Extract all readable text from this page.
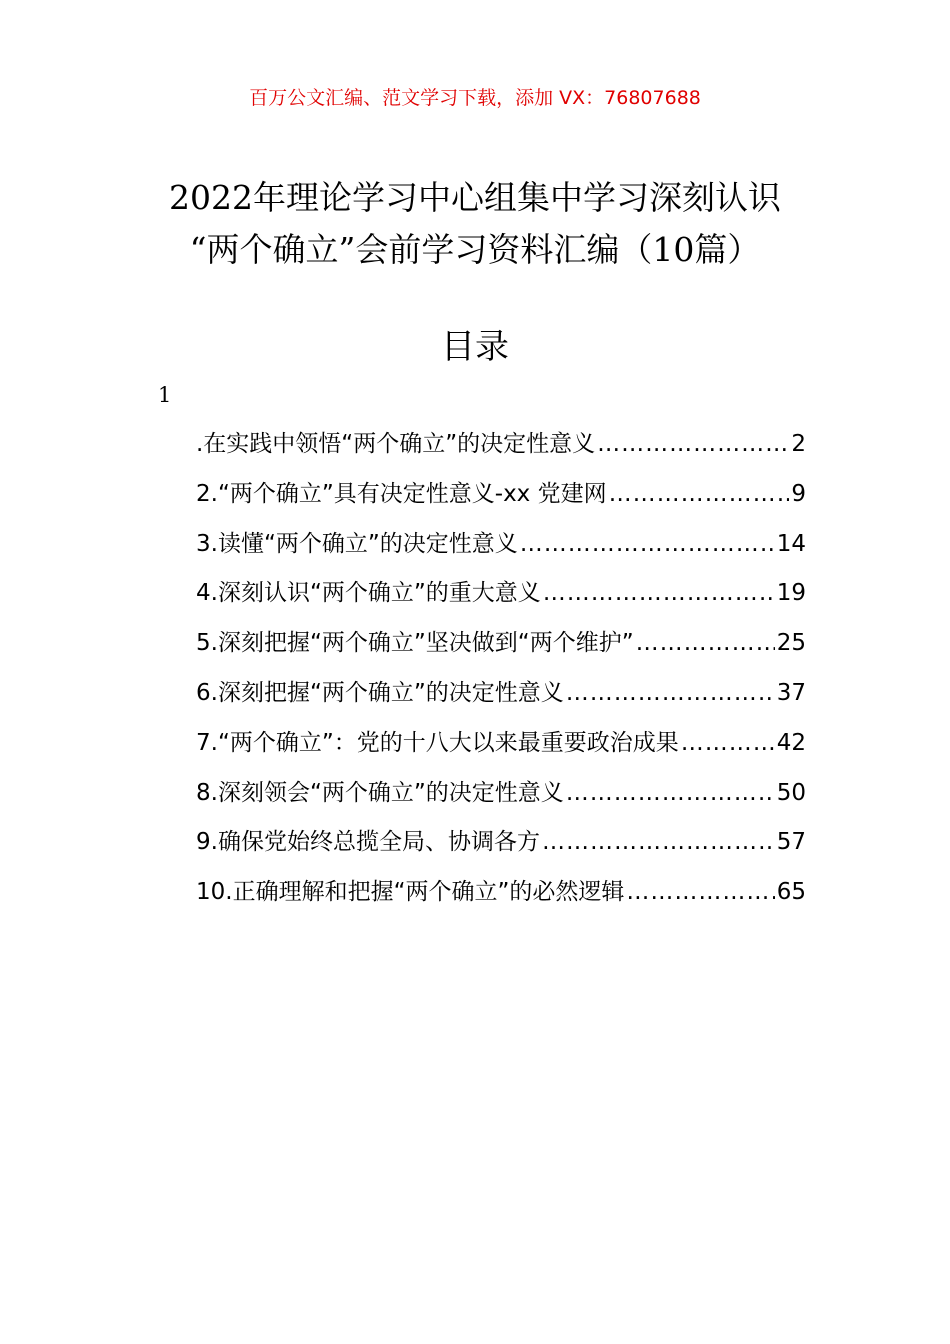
百万公文汇编、范文学习下载，添加 VX：76807688
2022年理论学习中心组集中学习深刻认识
“两个确立”会前学习资料汇编（10篇）
目录
1
.在实践中领悟“两个确立”的决定性意义 ……………………………………………………………………………………	2
2.“两个确立”具有决定性意义-xx 党建网 ……………………………………………………………………………………	9
3.读懂“两个确立”的决定性意义 ……………………………………………………………………………………	14
4.深刻认识“两个确立”的重大意义 ……………………………………………………………………………………	19
5.深刻把握“两个确立”坚决做到“两个维护” ……………………………………………………………………………………	25
6.深刻把握“两个确立”的决定性意义 ……………………………………………………………………………………	37
7.“两个确立”：党的十八大以来最重要政治成果 ……………………………………………………………………………………	42
8.深刻领会“两个确立”的决定性意义 ……………………………………………………………………………………	50
9.确保党始终总揽全局、协调各方 ……………………………………………………………………………………	57
10.正确理解和把握“两个确立”的必然逻辑 ……………………………………………………………………………………	65
